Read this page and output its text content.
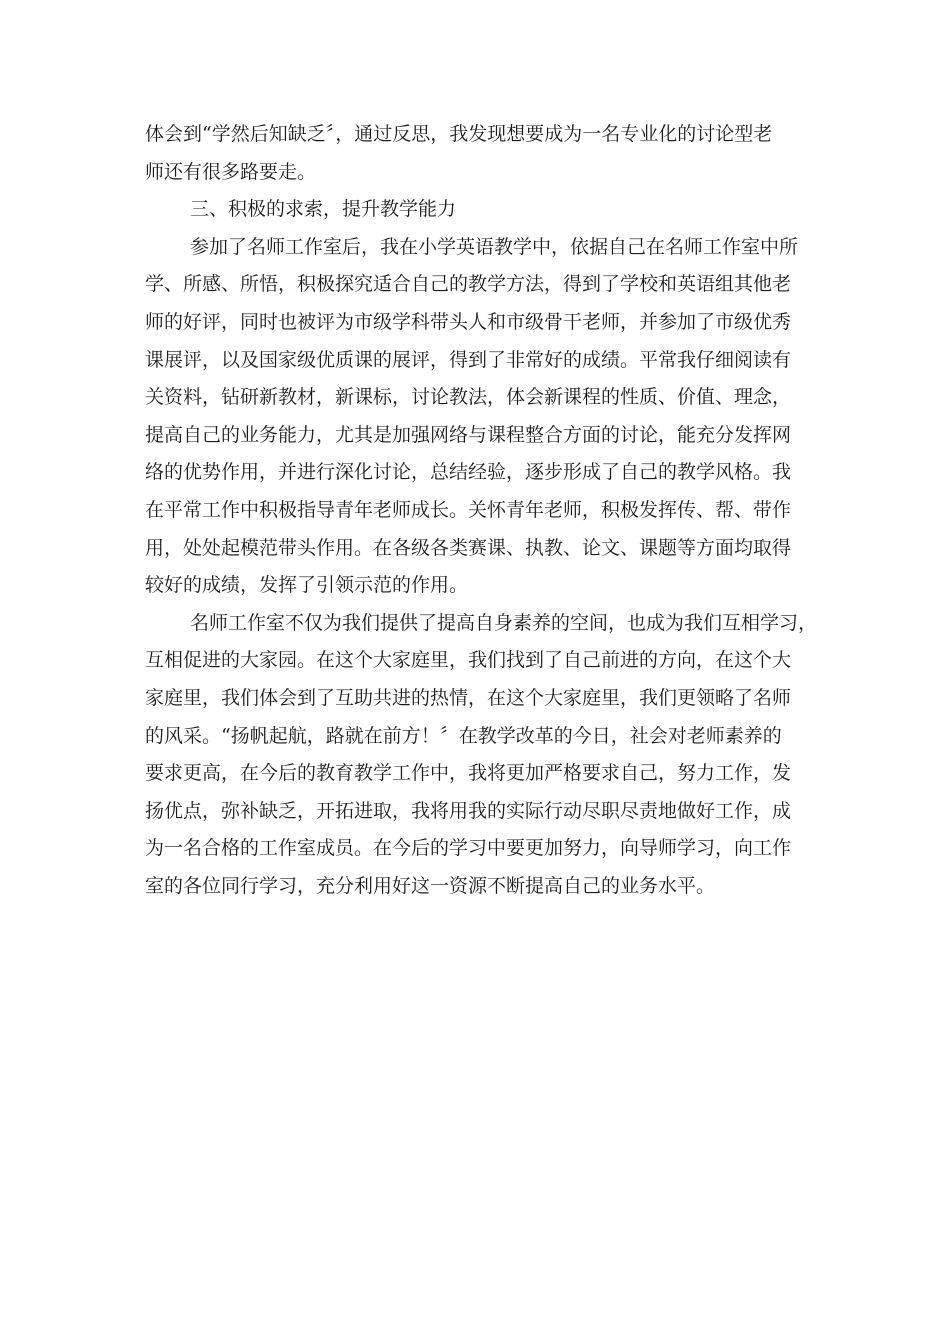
体会到“学然后知缺乏〞，通过反思，我发现想要成为一名专业化的讨论型老
师还有很多路要走。
三、积极的求索，提升教学能力
参加了名师工作室后，我在小学英语教学中，依据自己在名师工作室中所
学、所感、所悟，积极探究适合自己的教学方法，得到了学校和英语组其他老
师的好评，同时也被评为市级学科带头人和市级骨干老师，并参加了市级优秀
课展评，以及国家级优质课的展评，得到了非常好的成绩。平常我仔细阅读有
关资料，钻研新教材，新课标，讨论教法，体会新课程的性质、价值、理念，
提高自己的业务能力，尤其是加强网络与课程整合方面的讨论，能充分发挥网
络的优势作用，并进行深化讨论，总结经验，逐步形成了自己的教学风格。我
在平常工作中积极指导青年老师成长。关怀青年老师，积极发挥传、帮、带作
用，处处起模范带头作用。在各级各类赛课、执教、论文、课题等方面均取得
较好的成绩，发挥了引领示范的作用。
名师工作室不仅为我们提供了提高自身素养的空间，也成为我们互相学习，
互相促进的大家园。在这个大家庭里，我们找到了自己前进的方向，在这个大
家庭里，我们体会到了互助共进的热情，在这个大家庭里，我们更领略了名师
的风采。“扬帆起航，路就在前方！〞在教学改革的今日，社会对老师素养的
要求更高，在今后的教育教学工作中，我将更加严格要求自己，努力工作，发
扬优点，弥补缺乏，开拓进取，我将用我的实际行动尽职尽责地做好工作，成
为一名合格的工作室成员。在今后的学习中要更加努力，向导师学习，向工作
室的各位同行学习，充分利用好这一资源不断提高自己的业务水平。
